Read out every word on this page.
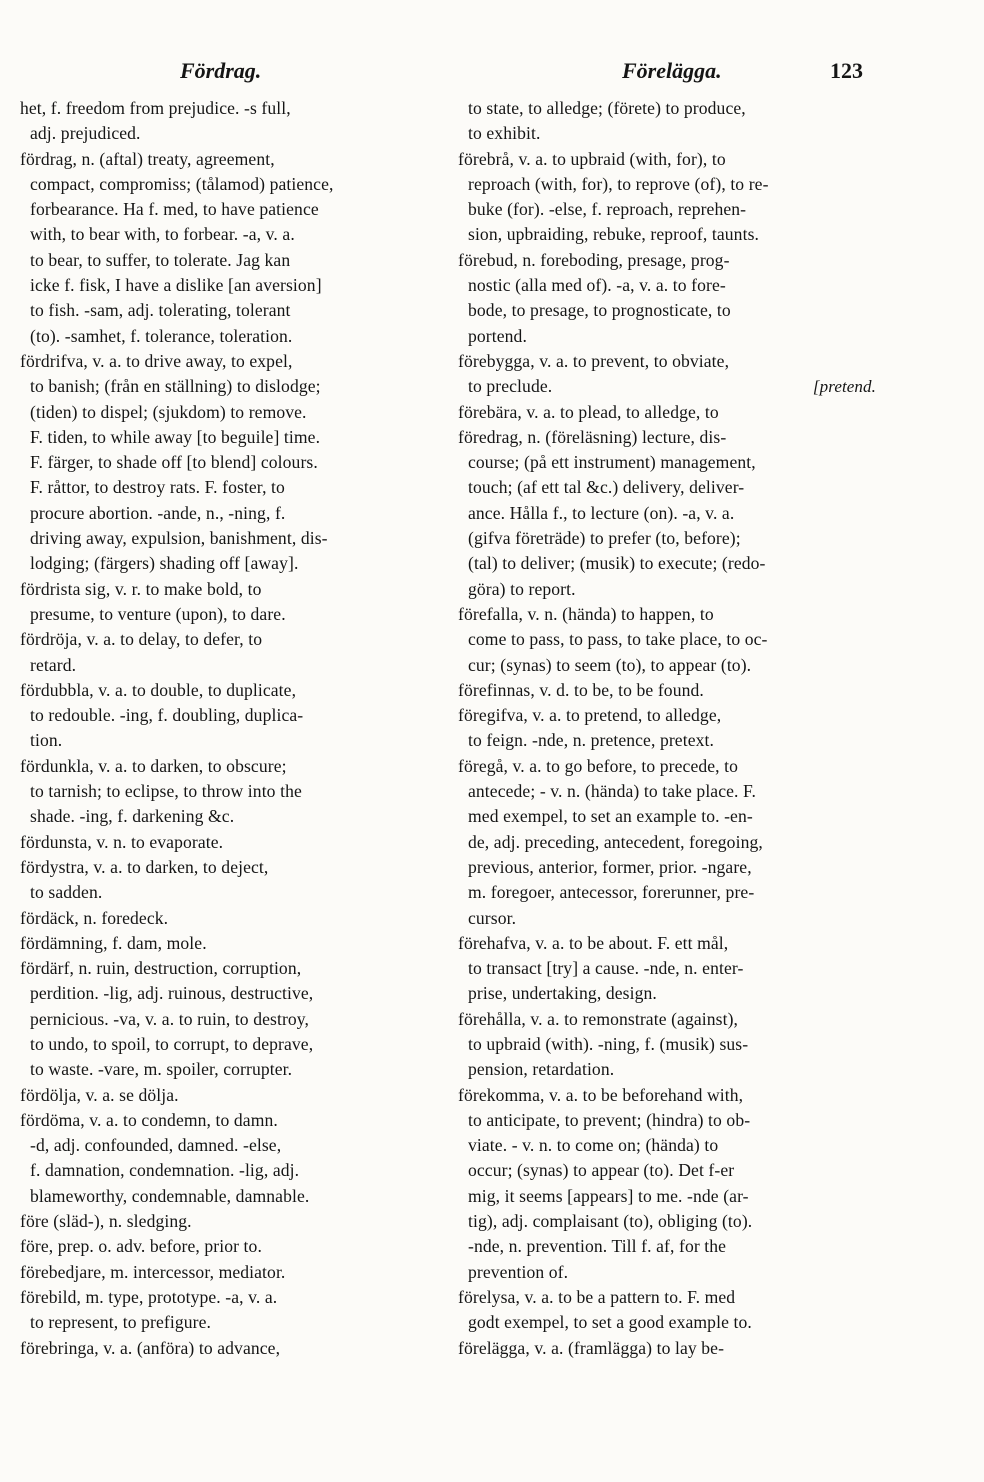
Fördrag.	Förelägga.	123
het, f. freedom from prejudice. -s full,
adj. prejudiced.
fördrag, n. (aftal) treaty, agreement,
compact, compromiss; (tålamod) patience,
forbearance. Ha f. med, to have patience
with, to bear with, to forbear. -a, v. a.
to bear, to suffer, to tolerate. Jag kan
icke f. fisk, I have a dislike [an aversion]
to fish. -sam, adj. tolerating, tolerant
(to). -samhet, f. tolerance, toleration.
fördrifva, v. a. to drive away, to expel,
to banish; (från en ställning) to dislodge;
(tiden) to dispel; (sjukdom) to remove.
F. tiden, to while away [to beguile] time.
F. färger, to shade off [to blend] colours.
F. råttor, to destroy rats. F. foster, to
procure abortion. -ande, n., -ning, f.
driving away, expulsion, banishment, dis-
lodging; (färgers) shading off [away].
fördrista sig, v. r. to make bold, to
presume, to venture (upon), to dare.
fördröja, v. a. to delay, to defer, to
retard.
fördubbla, v. a. to double, to duplicate,
to redouble. -ing, f. doubling, duplica-
tion.
fördunkla, v. a. to darken, to obscure;
to tarnish; to eclipse, to throw into the
shade. -ing, f. darkening &c.
fördunsta, v. n. to evaporate.
fördystra, v. a. to darken, to deject,
to sadden.
fördäck, n. foredeck.
fördämning, f. dam, mole.
fördärf, n. ruin, destruction, corruption,
perdition. -lig, adj. ruinous, destructive,
pernicious. -va, v. a. to ruin, to destroy,
to undo, to spoil, to corrupt, to deprave,
to waste. -vare, m. spoiler, corrupter.
fördölja, v. a. se dölja.
fördöma, v. a. to condemn, to damn.
-d, adj. confounded, damned. -else,
f. damnation, condemnation. -lig, adj.
blameworthy, condemnable, damnable.
före (släd-), n. sledging.
före, prep. o. adv. before, prior to.
förebedjare, m. intercessor, mediator.
förebild, m. type, prototype. -a, v. a.
to represent, to prefigure.
förebringa, v. a. (anföra) to advance,
to state, to alledge; (förete) to produce,
to exhibit.
förebrå, v. a. to upbraid (with, for), to
reproach (with, for), to reprove (of), to re-
buke (for). -else, f. reproach, reprehen-
sion, upbraiding, rebuke, reproof, taunts.
förebud, n. foreboding, presage, prog-
nostic (alla med of). -a, v. a. to fore-
bode, to presage, to prognosticate, to
portend.
förebygga, v. a. to prevent, to obviate,
to preclude.	[pretend.
förebära, v. a. to plead, to alledge, to
föredrag, n. (föreläsning) lecture, dis-
course; (på ett instrument) management,
touch; (af ett tal &c.) delivery, deliver-
ance. Hålla f., to lecture (on). -a, v. a.
(gifva företräde) to prefer (to, before);
(tal) to deliver; (musik) to execute; (redo-
göra) to report.
förefalla, v. n. (hända) to happen, to
come to pass, to pass, to take place, to oc-
cur; (synas) to seem (to), to appear (to).
förefinnas, v. d. to be, to be found.
föregifva, v. a. to pretend, to alledge,
to feign. -nde, n. pretence, pretext.
föregå, v. a. to go before, to precede, to
antecede; - v. n. (hända) to take place. F.
med exempel, to set an example to. -en-
de, adj. preceding, antecedent, foregoing,
previous, anterior, former, prior. -ngare,
m. foregoer, antecessor, forerunner, pre-
cursor.
förehafva, v. a. to be about. F. ett mål,
to transact [try] a cause. -nde, n. enter-
prise, undertaking, design.
förehålla, v. a. to remonstrate (against),
to upbraid (with). -ning, f. (musik) sus-
pension, retardation.
förekomma, v. a. to be beforehand with,
to anticipate, to prevent; (hindra) to ob-
viate. - v. n. to come on; (hända) to
occur; (synas) to appear (to). Det f-er
mig, it seems [appears] to me. -nde (ar-
tig), adj. complaisant (to), obliging (to).
-nde, n. prevention. Till f. af, for the
prevention of.
förelysa, v. a. to be a pattern to. F. med
godt exempel, to set a good example to.
förelägga, v. a. (framlägga) to lay be-
